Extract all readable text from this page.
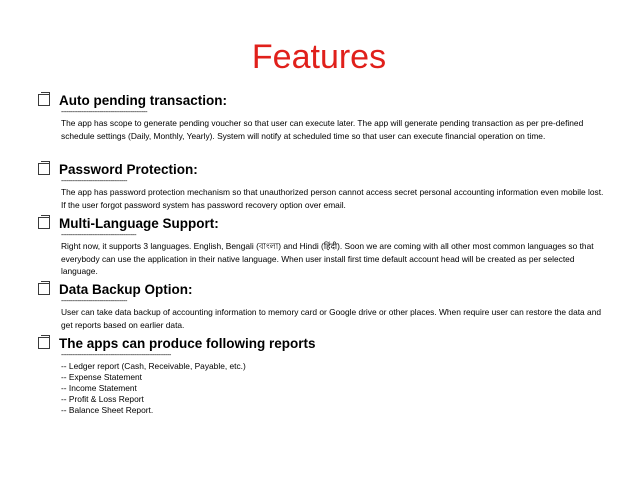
Features
Auto pending transaction:
-----------------------------------------------
The app has scope to generate pending voucher so that user can execute later. The app will generate pending transaction as per pre-defined schedule settings (Daily, Monthly, Yearly). System will notify at scheduled time so that user can execute financial operation on time.
Password Protection:
------------------------------------
The app has password protection mechanism so that unauthorized person cannot access secret personal accounting information even mobile lost. If the user forgot password system has password recovery option over email.
Multi-Language Support:
-----------------------------------------
Right now, it supports 3 languages. English, Bengali (বাংলা) and Hindi (हिंदी). Soon we are coming with all other most common languages so that everybody can use the application in their native language. When user install first time default account head will be created as per selected language.
Data Backup Option:
------------------------------------
User can take data backup of accounting information to memory card or Google drive or other places. When require user can restore the data and get reports based on earlier data.
The apps can produce following reports
------------------------------------------------------------
-- Ledger report (Cash, Receivable, Payable, etc.)
-- Expense Statement
-- Income Statement
-- Profit & Loss Report
-- Balance Sheet Report.
